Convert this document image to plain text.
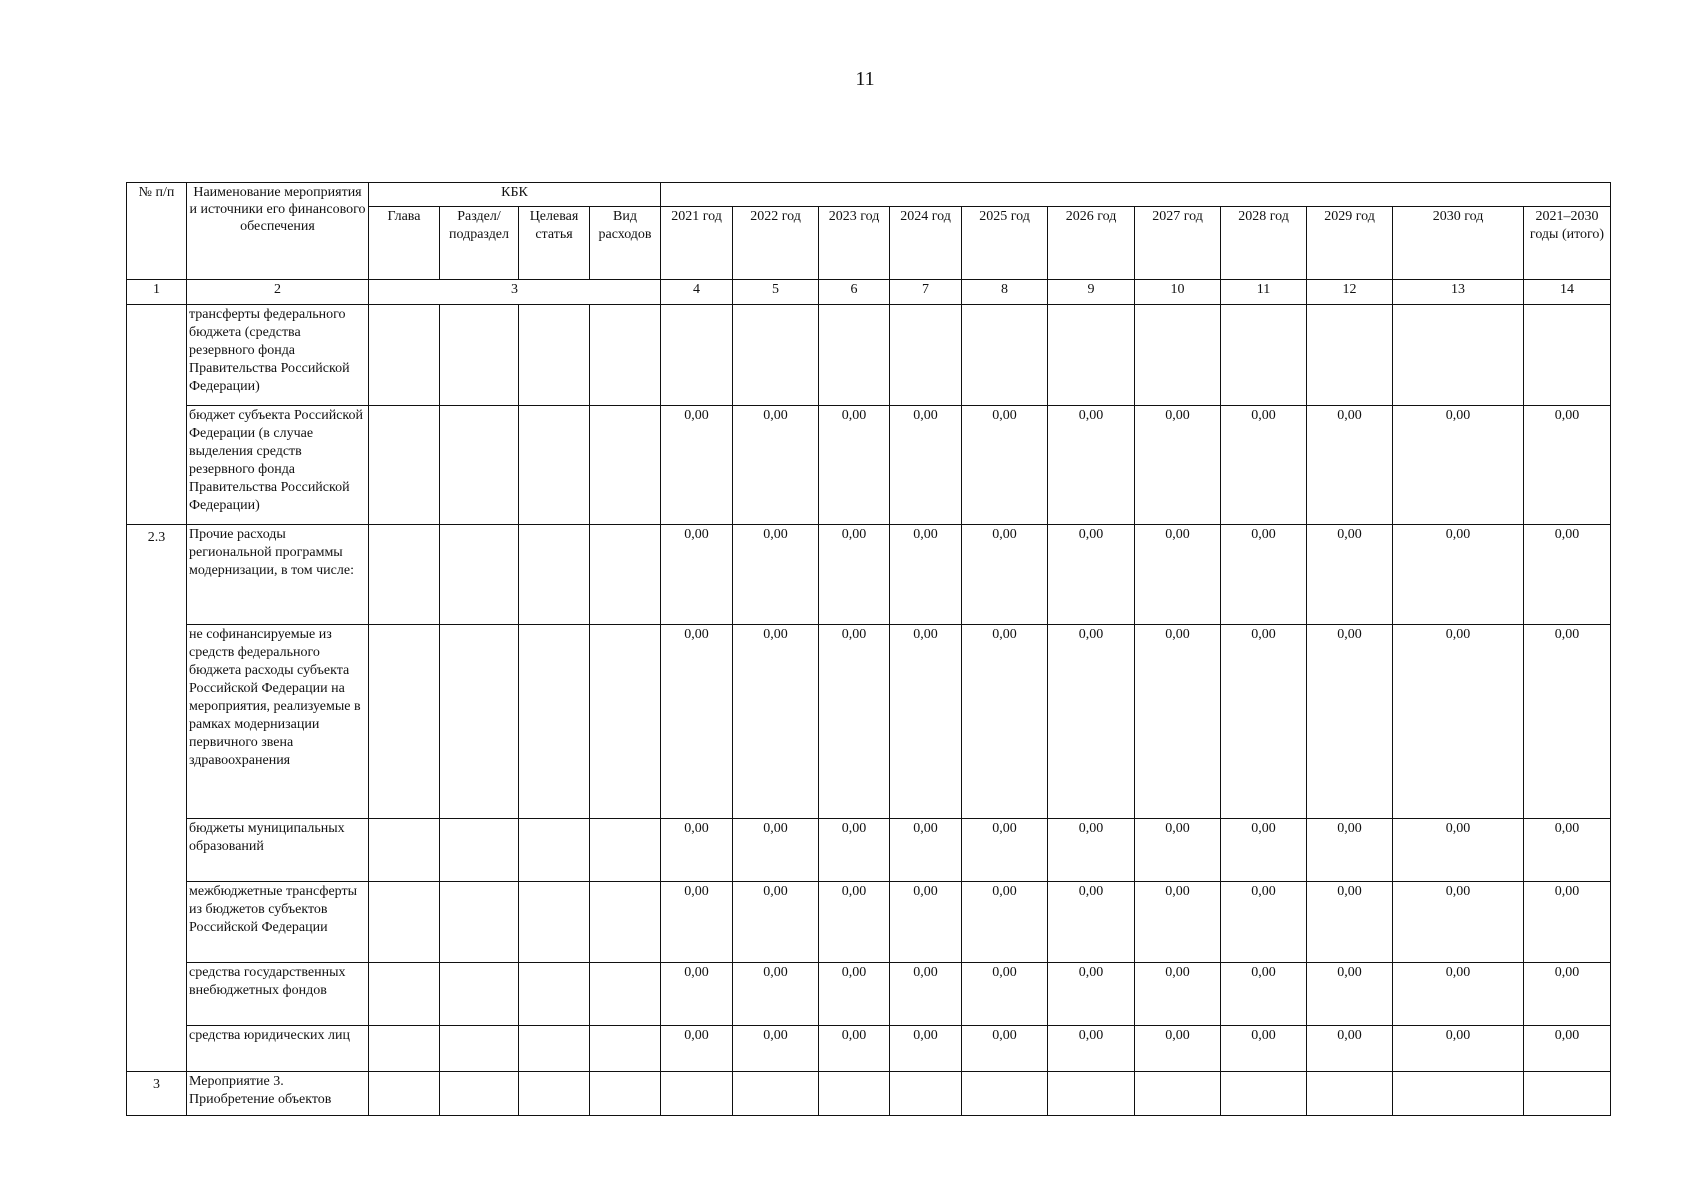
11
№ п/п	Наименование мероприятия и источники его финансового обеспечения	КБК														
		Глава	Раздел/ подраздел	Целевая статья	Вид расходов	2021 год	2022 год	2023 год	2024 год	2025 год	2026 год	2027 год	2028 год	2029 год	2030 год	2021–2030 годы (итого)
1	2	3				4	5	6	7	8	9	10	11	12	13	14
	трансферты федерального бюджета (средства резервного фонда Правительства Российской Федерации)															
	бюджет субъекта Российской Федерации (в случае выделения средств резервного фонда Правительства Российской Федерации)					0,00	0,00	0,00	0,00	0,00	0,00	0,00	0,00	0,00	0,00	0,00
2.3	Прочие расходы региональной программы модернизации, в том числе:					0,00	0,00	0,00	0,00	0,00	0,00	0,00	0,00	0,00	0,00	0,00
	не софинансируемые из средств федерального бюджета расходы субъекта Российской Федерации на мероприятия, реализуемые в рамках модернизации первичного звена здравоохранения					0,00	0,00	0,00	0,00	0,00	0,00	0,00	0,00	0,00	0,00	0,00
	бюджеты муниципальных образований					0,00	0,00	0,00	0,00	0,00	0,00	0,00	0,00	0,00	0,00	0,00
	межбюджетные трансферты из бюджетов субъектов Российской Федерации					0,00	0,00	0,00	0,00	0,00	0,00	0,00	0,00	0,00	0,00	0,00
	средства государственных внебюджетных фондов					0,00	0,00	0,00	0,00	0,00	0,00	0,00	0,00	0,00	0,00	0,00
	средства юридических лиц					0,00	0,00	0,00	0,00	0,00	0,00	0,00	0,00	0,00	0,00	0,00
3	Мероприятие 3. Приобретение объектов															
